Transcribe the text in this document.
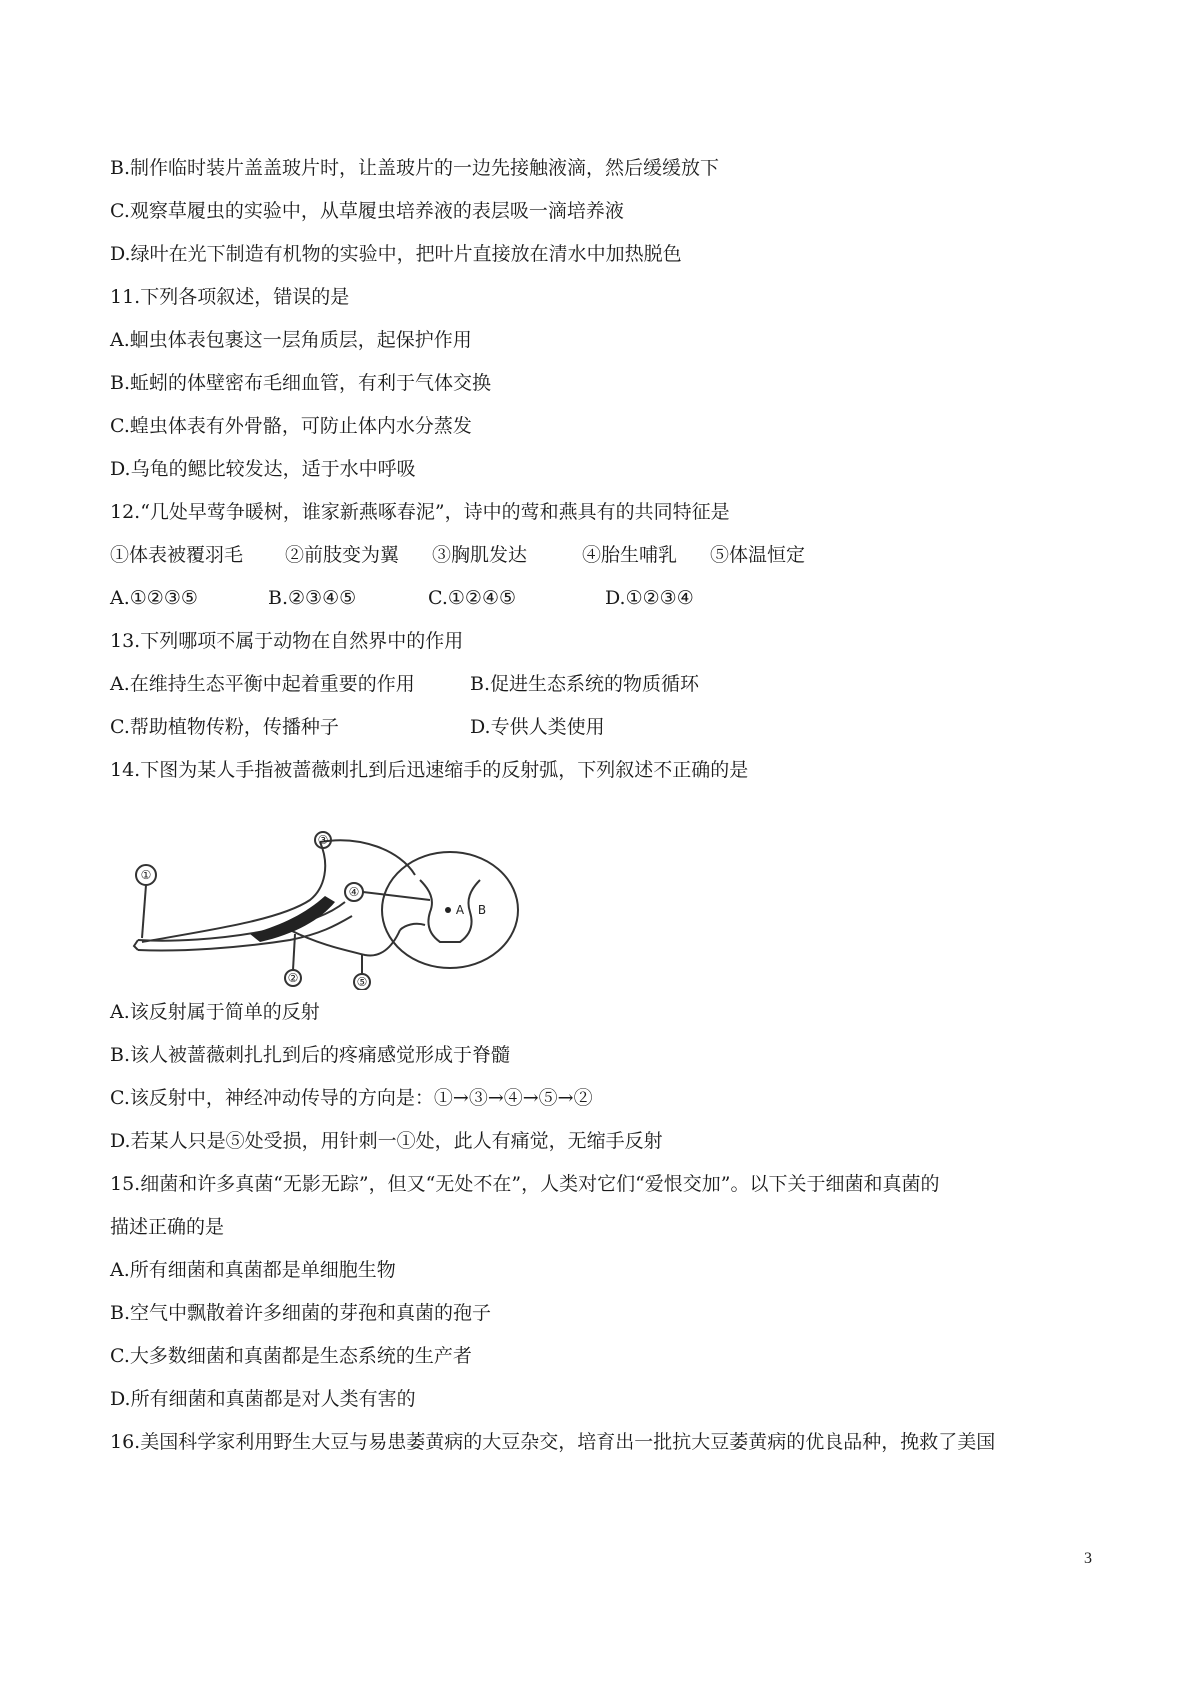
B.制作临时装片盖盖玻片时，让盖玻片的一边先接触液滴，然后缓缓放下
C.观察草履虫的实验中，从草履虫培养液的表层吸一滴培养液
D.绿叶在光下制造有机物的实验中，把叶片直接放在清水中加热脱色
11.下列各项叙述，错误的是
A.蛔虫体表包裹这一层角质层，起保护作用
B.蚯蚓的体壁密布毛细血管，有利于气体交换
C.蝗虫体表有外骨骼，可防止体内水分蒸发
D.乌龟的鳃比较发达，适于水中呼吸
12.“几处早莺争暖树，谁家新燕啄春泥”，诗中的莺和燕具有的共同特征是
①体表被覆羽毛 ②前肢变为翼 ③胸肌发达	④胎生哺乳 ⑤体温恒定
A.①②③⑤	B.②③④⑤	C.①②④⑤	D.①②③④
13.下列哪项不属于动物在自然界中的作用
A.在维持生态平衡中起着重要的作用	B.促进生态系统的物质循环
C.帮助植物传粉，传播种子	D.专供人类使用
14.下图为某人手指被蔷薇刺扎到后迅速缩手的反射弧，下列叙述不正确的是
①
②
③
④
⑤
A B
A.该反射属于简单的反射
B.该人被蔷薇刺扎扎到后的疼痛感觉形成于脊髓
C.该反射中，神经冲动传导的方向是：①→③→④→⑤→②
D.若某人只是⑤处受损，用针刺一①处，此人有痛觉，无缩手反射
15.细菌和许多真菌“无影无踪”，但又“无处不在”，人类对它们“爱恨交加”。以下关于细菌和真菌的
描述正确的是
A.所有细菌和真菌都是单细胞生物
B.空气中飘散着许多细菌的芽孢和真菌的孢子
C.大多数细菌和真菌都是生态系统的生产者
D.所有细菌和真菌都是对人类有害的
16.美国科学家利用野生大豆与易患萎黄病的大豆杂交，培育出一批抗大豆萎黄病的优良品种，挽救了美国
3
